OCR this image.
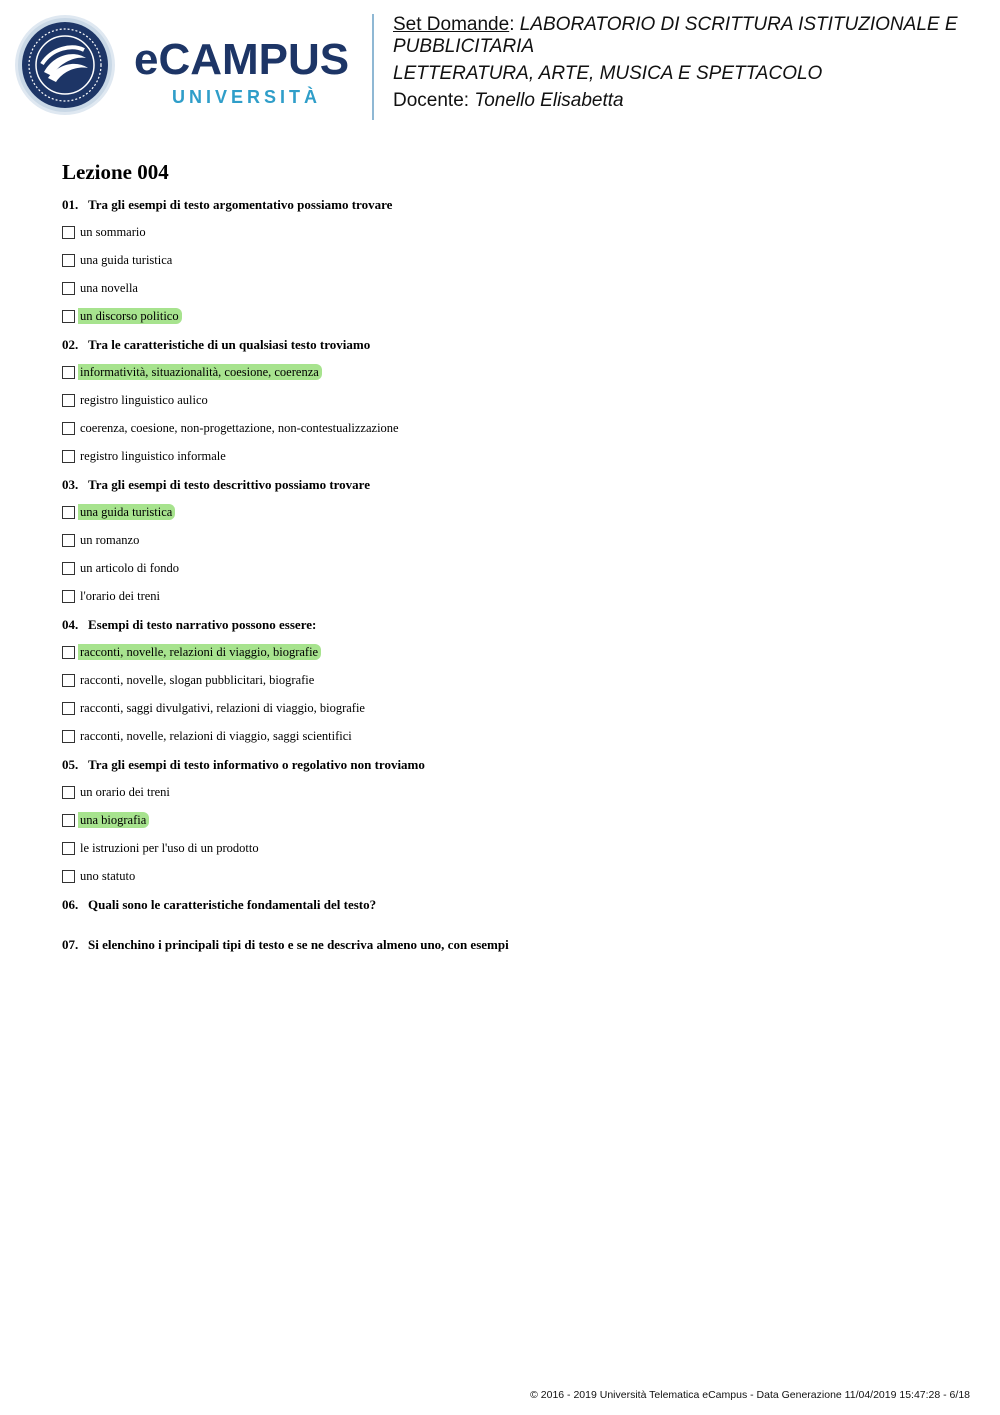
eCAMPUS
UNIVERSITÀ
Set Domande: LABORATORIO DI SCRITTURA ISTITUZIONALE E PUBBLICITARIA
LETTERATURA, ARTE, MUSICA E SPETTACOLO
Docente: Tonello Elisabetta
Lezione 004
01. Tra gli esempi di testo argomentativo possiamo trovare
un sommario
una guida turistica
una novella
un discorso politico
02. Tra le caratteristiche di un qualsiasi testo troviamo
informatività, situazionalità, coesione, coerenza
registro linguistico aulico
coerenza, coesione, non-progettazione, non-contestualizzazione
registro linguistico informale
03. Tra gli esempi di testo descrittivo possiamo trovare
una guida turistica
un romanzo
un articolo di fondo
l'orario dei treni
04. Esempi di testo narrativo possono essere:
racconti, novelle, relazioni di viaggio, biografie
racconti, novelle, slogan pubblicitari, biografie
racconti, saggi divulgativi, relazioni di viaggio, biografie
racconti, novelle, relazioni di viaggio, saggi scientifici
05. Tra gli esempi di testo informativo o regolativo non troviamo
un orario dei treni
una biografia
le istruzioni per l'uso di un prodotto
uno statuto
06. Quali sono le caratteristiche fondamentali del testo?
07. Si elenchino i principali tipi di testo e se ne descriva almeno uno, con esempi
© 2016 - 2019 Università Telematica eCampus - Data Generazione 11/04/2019 15:47:28 - 6/18
